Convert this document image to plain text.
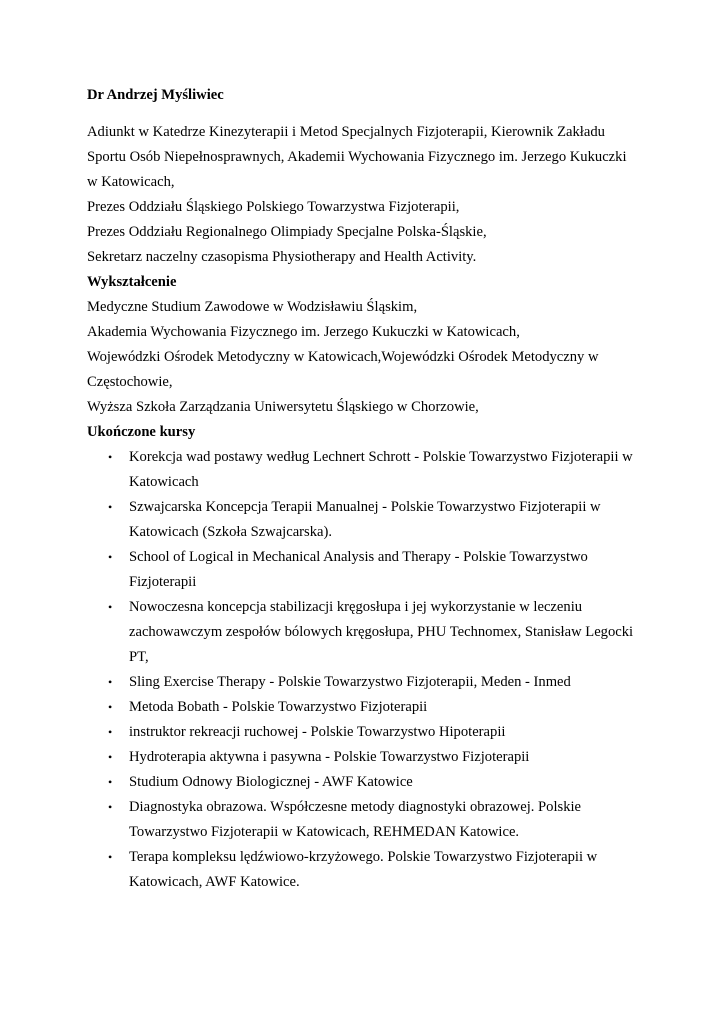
Dr Andrzej Myśliwiec
Adiunkt w Katedrze Kinezyterapii i Metod Specjalnych Fizjoterapii, Kierownik Zakładu
Sportu Osób Niepełnosprawnych, Akademii Wychowania Fizycznego im. Jerzego Kukuczki
w Katowicach,
Prezes Oddziału Śląskiego Polskiego Towarzystwa Fizjoterapii,
Prezes Oddziału Regionalnego Olimpiady Specjalne Polska-Śląskie,
Sekretarz naczelny czasopisma Physiotherapy and Health Activity.
Wykształcenie
Medyczne Studium Zawodowe w Wodzisławiu Śląskim,
Akademia Wychowania Fizycznego im. Jerzego Kukuczki w Katowicach,
Wojewódzki Ośrodek Metodyczny w Katowicach,Wojewódzki Ośrodek Metodyczny w
Częstochowie,
Wyższa Szkoła Zarządzania Uniwersytetu Śląskiego w Chorzowie,
Ukończone kursy
• Korekcja wad postawy według Lechnert Schrott - Polskie Towarzystwo Fizjoterapii w
Katowicach
• Szwajcarska Koncepcja Terapii Manualnej - Polskie Towarzystwo Fizjoterapii w
Katowicach (Szkoła Szwajcarska).
• School of Logical in Mechanical Analysis and Therapy - Polskie Towarzystwo
Fizjoterapii
• Nowoczesna koncepcja stabilizacji kręgosłupa i jej wykorzystanie w leczeniu
zachowawczym zespołów bólowych kręgosłupa, PHU Technomex, Stanisław Legocki
PT,
• Sling Exercise Therapy - Polskie Towarzystwo Fizjoterapii, Meden - Inmed
• Metoda Bobath - Polskie Towarzystwo Fizjoterapii
• instruktor rekreacji ruchowej - Polskie Towarzystwo Hipoterapii
• Hydroterapia aktywna i pasywna - Polskie Towarzystwo Fizjoterapii
• Studium Odnowy Biologicznej - AWF Katowice
• Diagnostyka obrazowa. Współczesne metody diagnostyki obrazowej. Polskie
Towarzystwo Fizjoterapii w Katowicach, REHMEDAN Katowice.
• Terapa kompleksu lędźwiowo-krzyżowego. Polskie Towarzystwo Fizjoterapii w
Katowicach, AWF Katowice.
